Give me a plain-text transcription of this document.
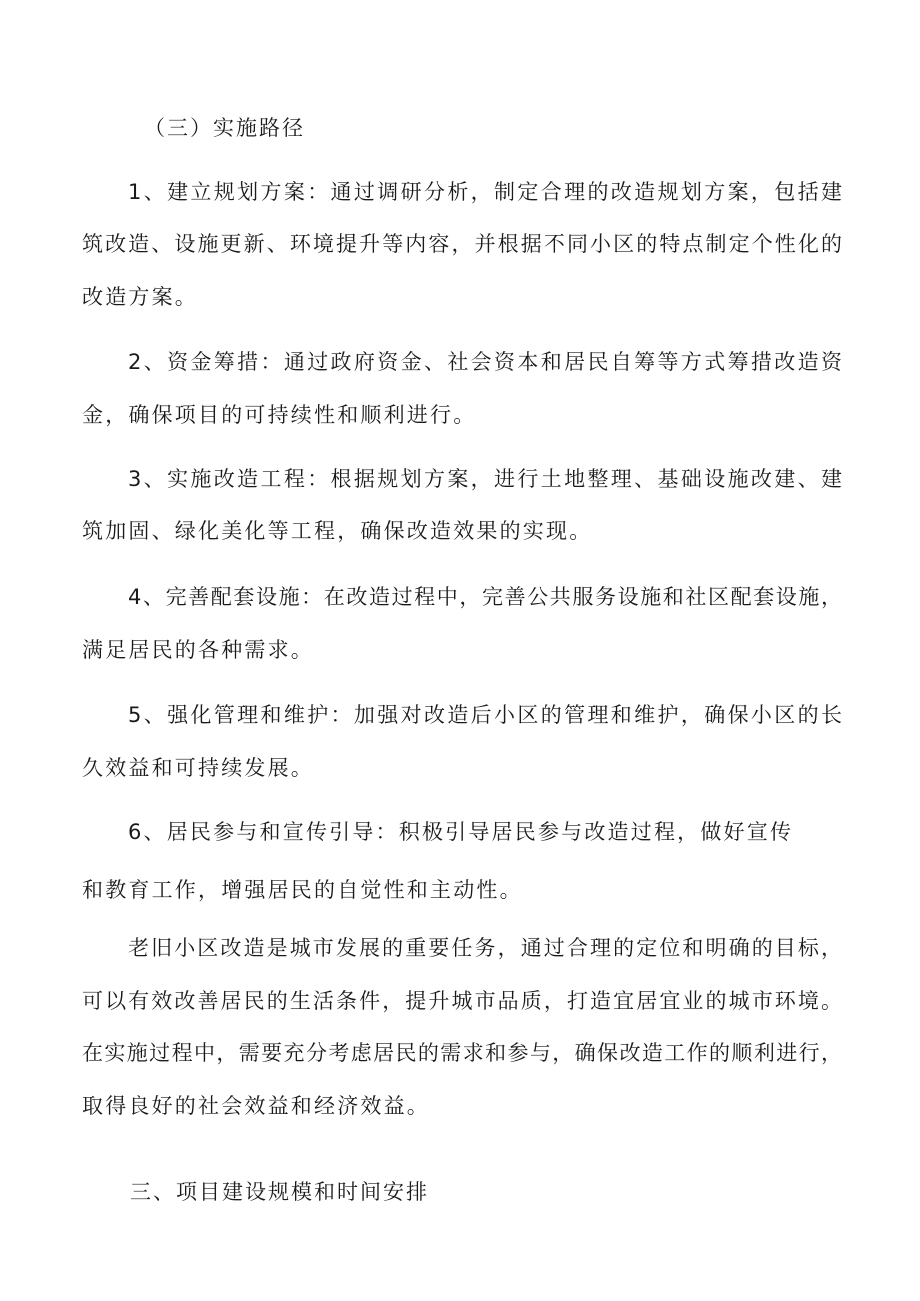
（三）实施路径
1、建立规划方案：通过调研分析，制定合理的改造规划方案，包括建
筑改造、设施更新、环境提升等内容，并根据不同小区的特点制定个性化的
改造方案。
2、资金筹措：通过政府资金、社会资本和居民自筹等方式筹措改造资
金，确保项目的可持续性和顺利进行。
3、实施改造工程：根据规划方案，进行土地整理、基础设施改建、建
筑加固、绿化美化等工程，确保改造效果的实现。
4、完善配套设施：在改造过程中，完善公共服务设施和社区配套设施，
满足居民的各种需求。
5、强化管理和维护：加强对改造后小区的管理和维护，确保小区的长
久效益和可持续发展。
6、居民参与和宣传引导：积极引导居民参与改造过程，做好宣传
和教育工作，增强居民的自觉性和主动性。
老旧小区改造是城市发展的重要任务，通过合理的定位和明确的目标，
可以有效改善居民的生活条件，提升城市品质，打造宜居宜业的城市环境。
在实施过程中，需要充分考虑居民的需求和参与，确保改造工作的顺利进行，
取得良好的社会效益和经济效益。
三、项目建设规模和时间安排
